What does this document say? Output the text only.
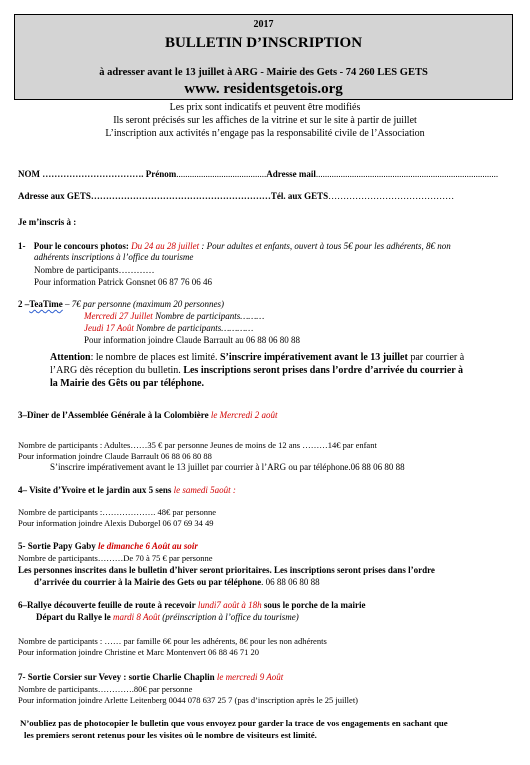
2017
BULLETIN D’INSCRIPTION
à adresser avant le 13 juillet à ARG - Mairie des Gets - 74 260 LES GETS
www. residentsgetois.org
Les prix sont indicatifs et peuvent être modifiés
Ils seront précisés sur les affiches de la vitrine et sur le site à partir de juillet
L’inscription aux activités n’engage pas la responsabilité civile de l’Association
NOM ……………………………. Prénom........................................Adresse mail.................................................................................
Adresse aux GETS……………………………………………………Tél. aux GETS……………………………………
Je m’inscris à :
1- Pour le concours photos: Du 24 au 28 juillet : Pour adultes et enfants, ouvert à tous 5€ pour les adhérents, 8€ non
adhérents inscriptions à l’office du tourisme
Nombre de participants…………
Pour information Patrick Gonsnet 06 87 76 06 46
2 –TeaTime – 7€ par personne (maximum 20 personnes)
Mercredi 27 Juillet Nombre de participants………
Jeudi 17 Août Nombre de participants…………
Pour information joindre Claude Barrault au 06 88 06 80 88
Attention: le nombre de places est limité. S’inscrire impérativement avant le 13 juillet par courrier à
l’ARG dès réception du bulletin. Les inscriptions seront prises dans l’ordre d’arrivée du courrier à
la Mairie des Gêts ou par téléphone.
3–Dîner de l’Assemblée Générale à la Colombière le Mercredi 2 août
Nombre de participants : Adultes……35 € par personne Jeunes de moins de 12 ans ………14€ par enfant
Pour information joindre Claude Barrault 06 88 06 80 88
S’inscrire impérativement avant le 13 juillet par courrier à l’ARG ou par téléphone.06 88 06 80 88
4– Visite d’Yvoire et le jardin aux 5 sens le samedi 5août :
Nombre de participants :………………. 48€ par personne
Pour information joindre Alexis Duborgel 06 07 69 34 49
5- Sortie Papy Gaby le dimanche 6 Août au soir
Nombre de participants………De 70 à 75 € par personne
Les personnes inscrites dans le bulletin d’hiver seront prioritaires. Les inscriptions seront prises dans l’ordre
d’arrivée du courrier à la Mairie des Gets ou par téléphone. 06 88 06 80 88
6–Rallye découverte feuille de route à recevoir lundi7 août à 18h sous le porche de la mairie
Départ du Rallye le mardi 8 Août (préinscription à l’office du tourisme)
Nombre de participants : …… par famille 6€ pour les adhérents, 8€ pour les non adhérents
Pour information joindre Christine et Marc Montenvert 06 88 46 71 20
7- Sortie Corsier sur Vevey : sortie Charlie Chaplin le mercredi 9 Août
Nombre de participants………….80€ par personne
Pour information joindre Arlette Leitenberg 0044 078 637 25 7 (pas d’inscription après le 25 juillet)
N’oubliez pas de photocopier le bulletin que vous envoyez pour garder la trace de vos engagements en sachant que
les premiers seront retenus pour les visites où le nombre de visiteurs est limité.
